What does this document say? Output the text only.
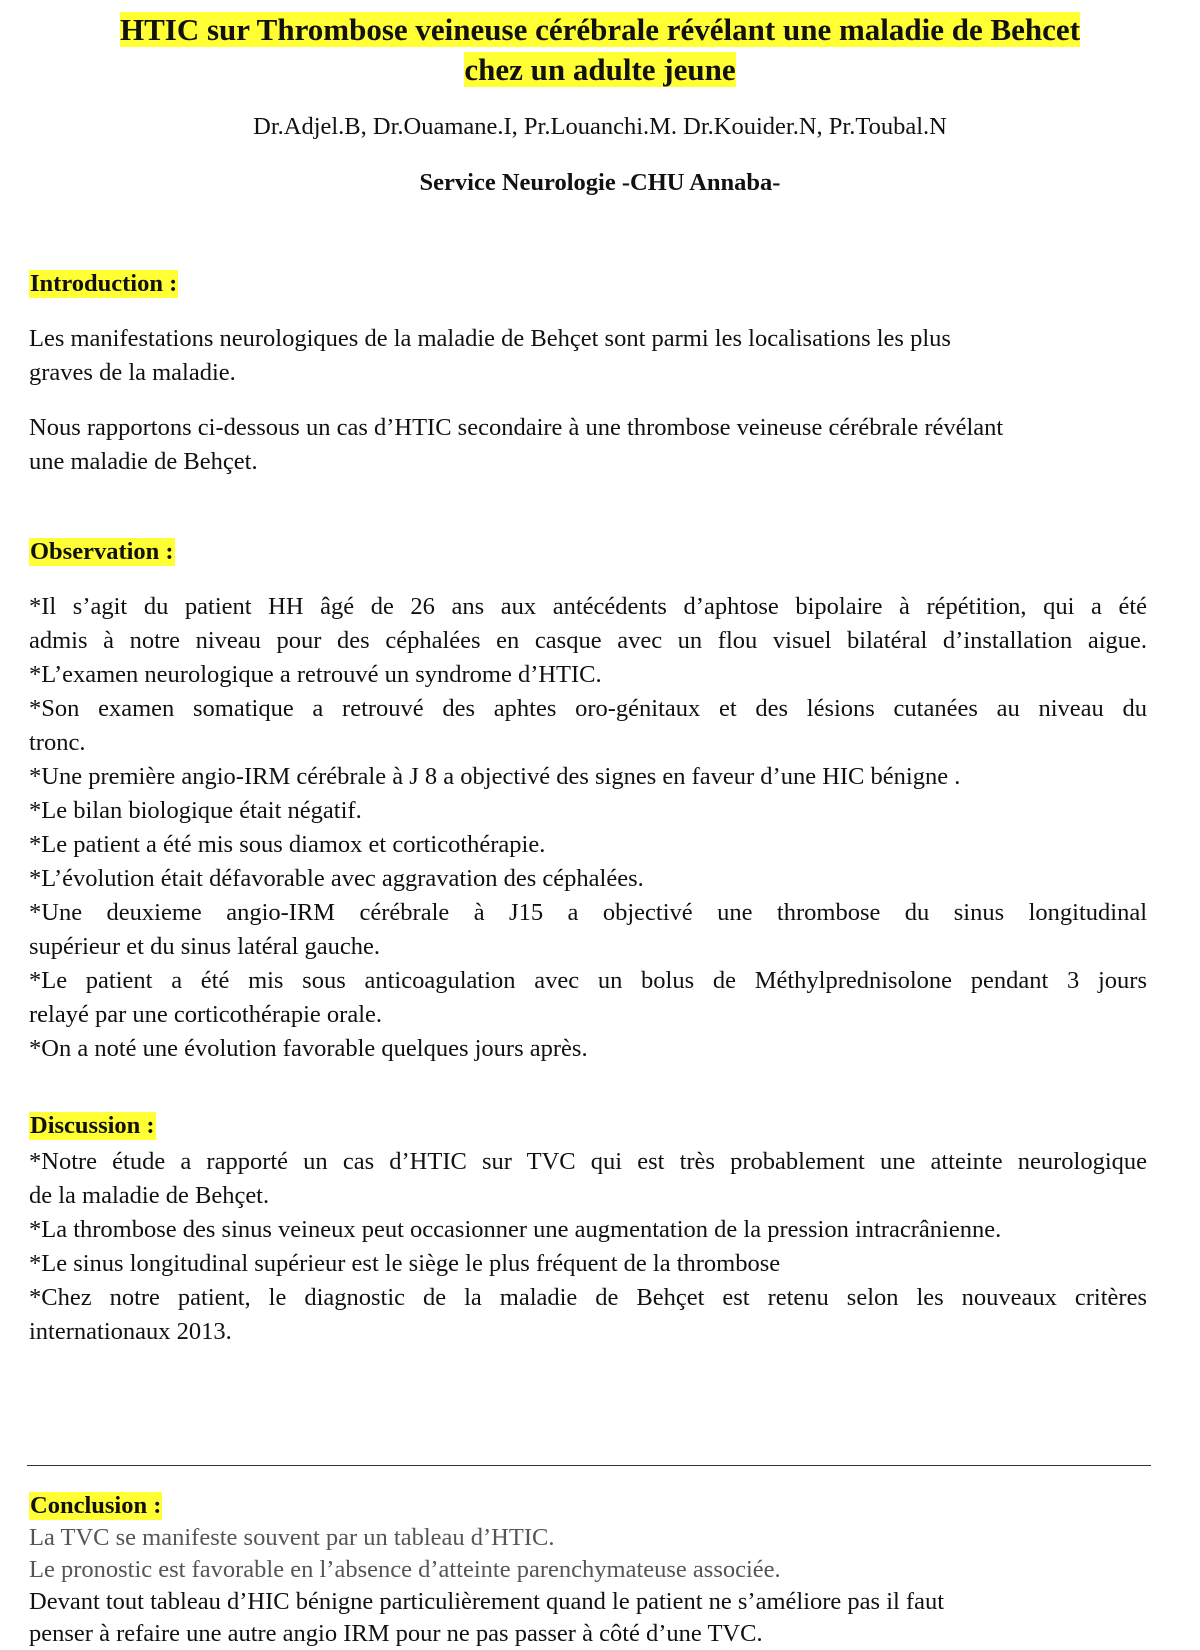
HTIC sur Thrombose veineuse cérébrale révélant une maladie de Behcet
chez un adulte jeune
Dr.Adjel.B, Dr.Ouamane.I, Pr.Louanchi.M. Dr.Kouider.N, Pr.Toubal.N
Service Neurologie -CHU Annaba-
Introduction :
Les manifestations neurologiques de la maladie de Behçet sont parmi les localisations les plus
graves de la maladie.
Nous rapportons ci-dessous un cas d’HTIC secondaire à une thrombose veineuse cérébrale révélant
une maladie de Behçet.
Observation :
*Il s’agit du patient HH âgé de 26 ans aux antécédents d’aphtose bipolaire à répétition, qui a été
admis à notre niveau pour des céphalées en casque avec un flou visuel bilatéral d’installation aigue.
*L’examen neurologique a retrouvé un syndrome d’HTIC.
*Son examen somatique a retrouvé des aphtes oro-génitaux et des lésions cutanées au niveau du
tronc.
*Une première angio-IRM cérébrale à J 8 a objectivé des signes en faveur d’une HIC bénigne .
*Le bilan biologique était négatif.
*Le patient a été mis sous diamox et corticothérapie.
*L’évolution était défavorable avec aggravation des céphalées.
*Une deuxieme angio-IRM cérébrale à J15 a objectivé une thrombose du sinus longitudinal
supérieur et du sinus latéral gauche.
*Le patient a été mis sous anticoagulation avec un bolus de Méthylprednisolone pendant 3 jours
relayé par une corticothérapie orale.
*On a noté une évolution favorable quelques jours après.
Discussion :
*Notre étude a rapporté un cas d’HTIC sur TVC qui est très probablement une atteinte neurologique
de la maladie de Behçet.
*La thrombose des sinus veineux peut occasionner une augmentation de la pression intracrânienne.
*Le sinus longitudinal supérieur est le siège le plus fréquent de la thrombose
*Chez notre patient, le diagnostic de la maladie de Behçet est retenu selon les nouveaux critères
internationaux 2013.
Conclusion :
La TVC se manifeste souvent par un tableau d’HTIC.
Le pronostic est favorable en l’absence d’atteinte parenchymateuse associée.
Devant tout tableau d’HIC bénigne particulièrement quand le patient ne s’améliore pas il faut
penser à refaire une autre angio IRM pour ne pas passer à côté d’une TVC.
